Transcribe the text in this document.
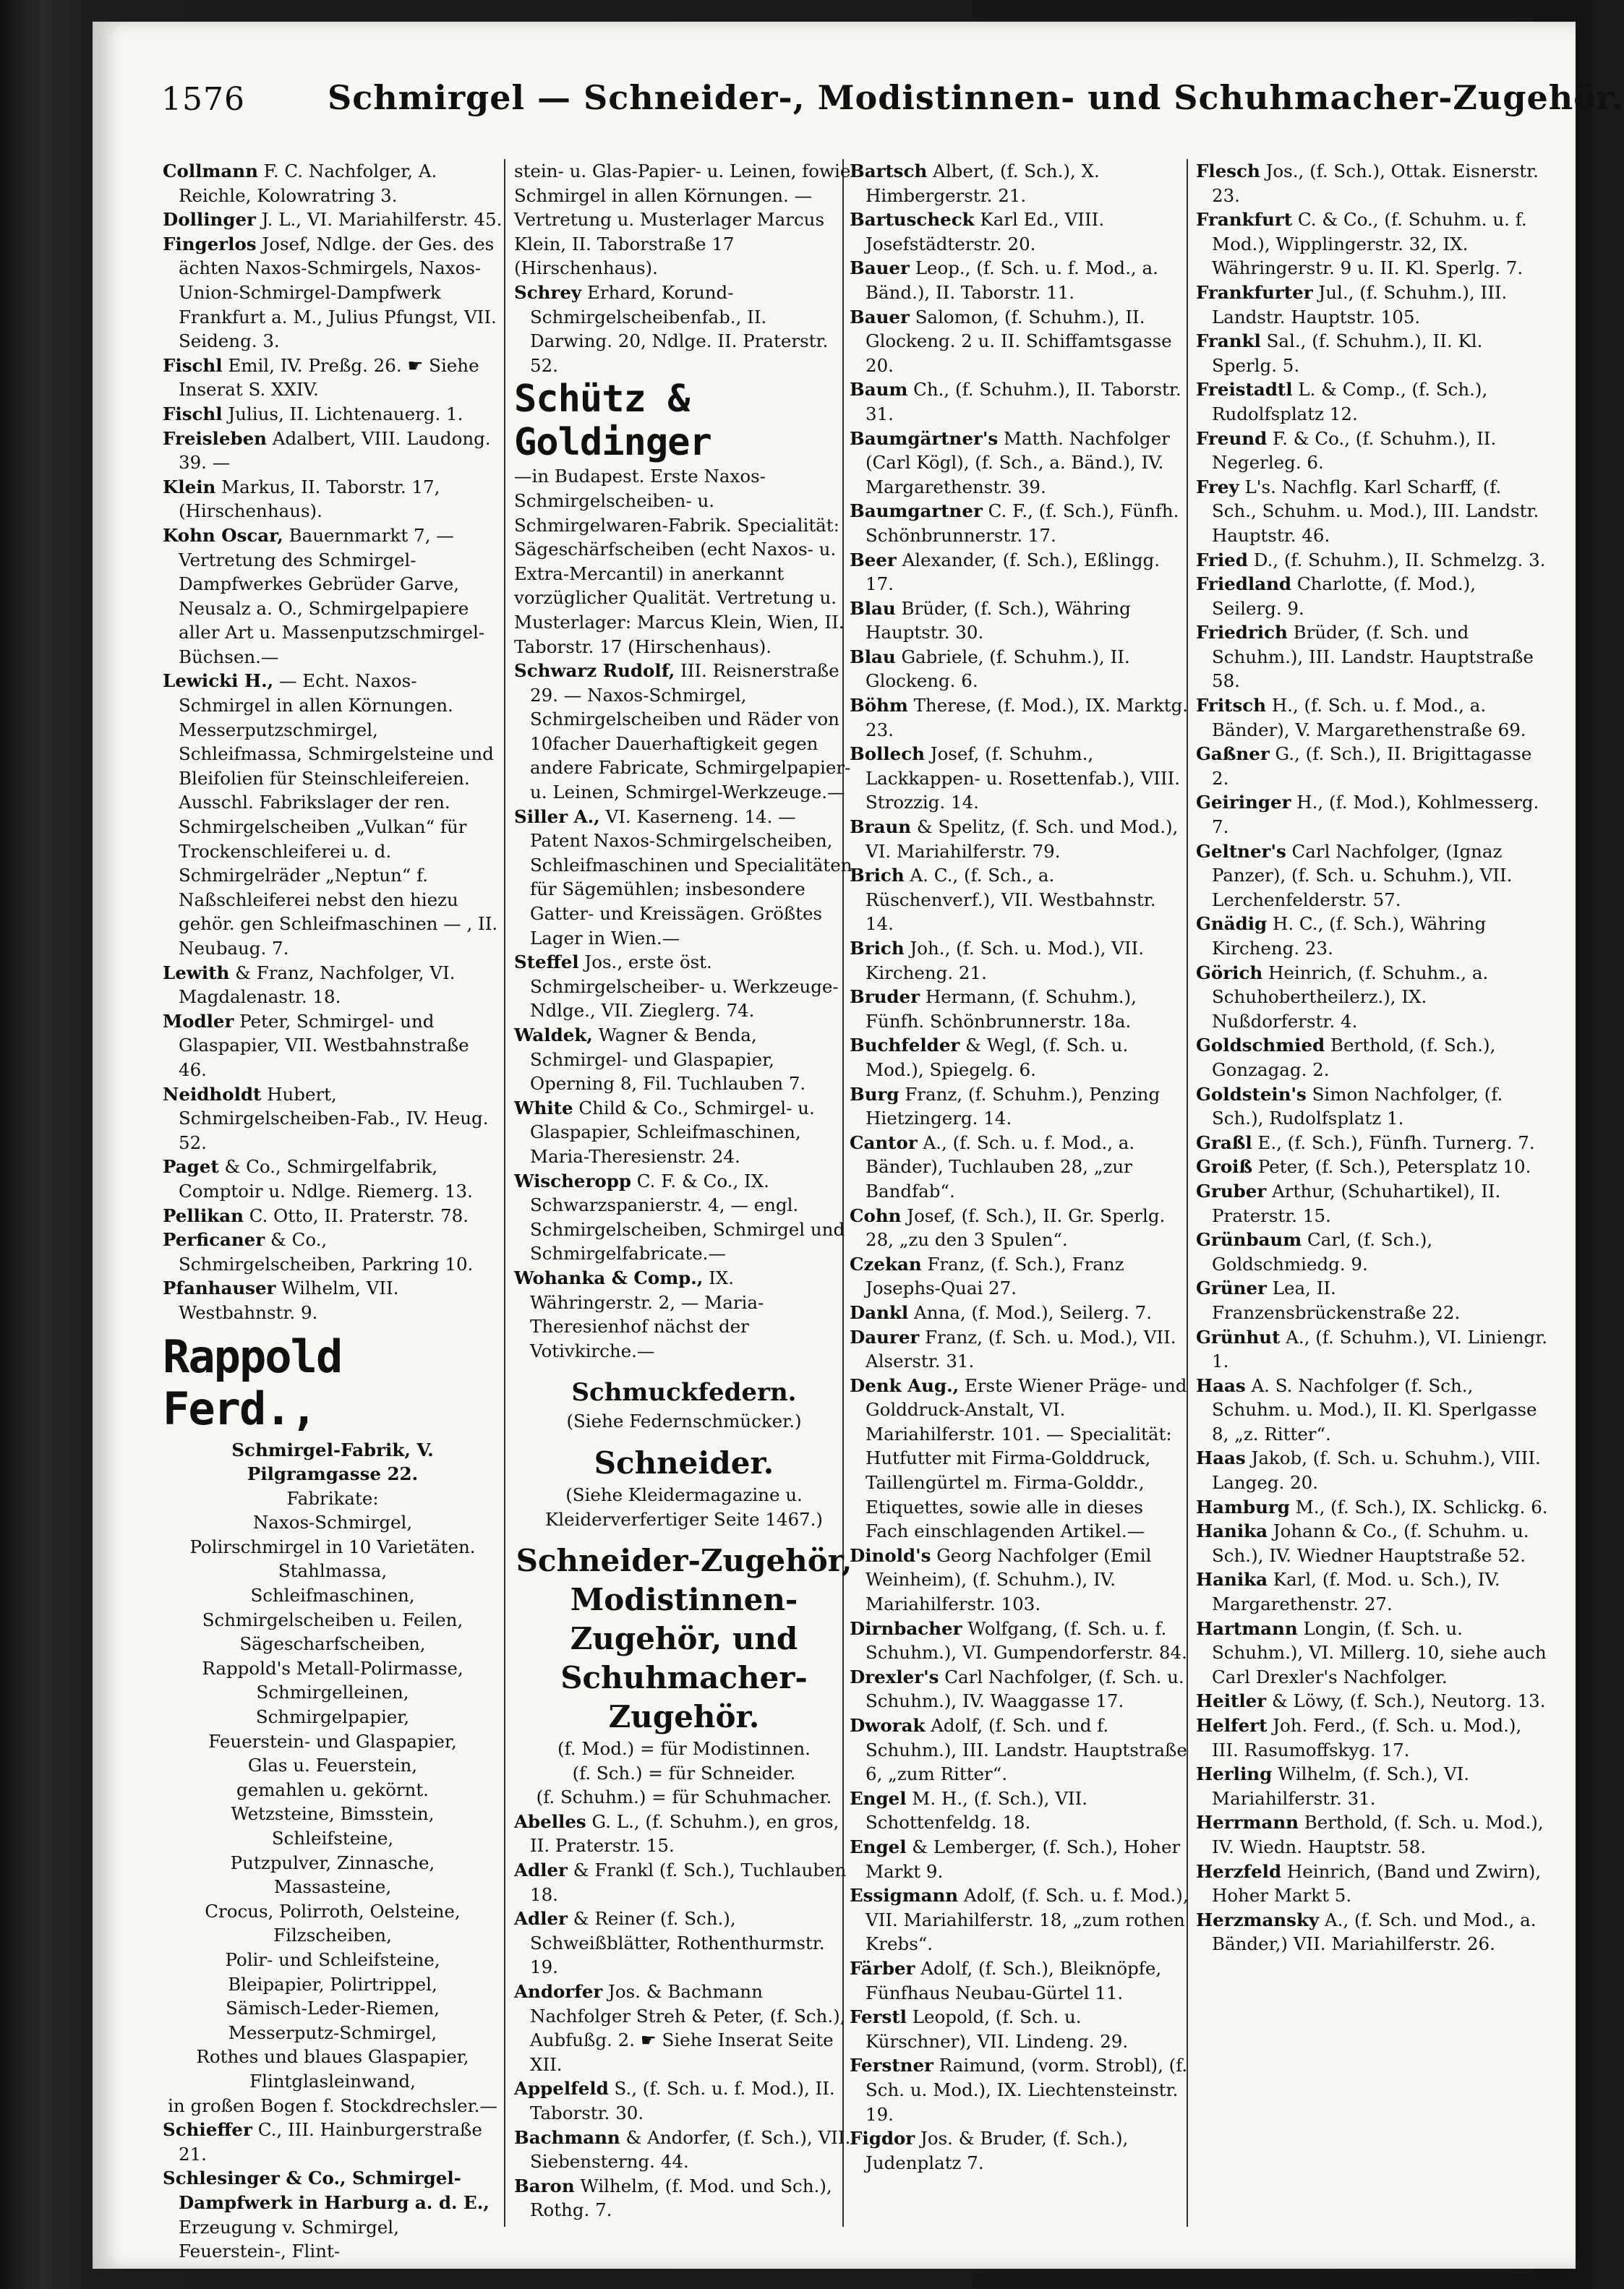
1576 Schmirgel — Schneider-, Modistinnen- und Schuhmacher-Zugehör.
Collmann F. C. Nachfolger, A. Reichle, Kolowratring 3.
Dollinger J. L., VI. Mariahilferstr. 45.
Fingerlos Josef, Ndlge. der Ges. des ächten Naxos-Schmirgels, Naxos-Union-Schmirgel-Dampfwerk Frankfurt a. M., Julius Pfungst, VII. Seideng. 3.
Fischl Emil, IV. Preßg. 26. ☛ Siehe Inserat S. XXIV.
Fischl Julius, II. Lichtenauerg. 1.
Freisleben Adalbert, VIII. Laudong. 39. —
Klein Markus, II. Taborstr. 17, (Hirschenhaus).
Kohn Oscar, Bauernmarkt 7, — Vertretung des Schmirgel-Dampfwerkes Gebrüder Garve, Neusalz a. O., Schmirgelpapiere aller Art u. Massenputzschmirgel-Büchsen.—
Lewicki H., — Echt. Naxos-Schmirgel in allen Körnungen. Messerputzschmirgel, Schleifmassa, Schmirgelsteine und Bleifolien für Steinschleifereien. Ausschl. Fabrikslager der ren. Schmirgelscheiben „Vulkan“ für Trockenschleiferei u. d. Schmirgelräder „Neptun“ f. Naßschleiferei nebst den hiezu gehör. gen Schleifmaschinen — , II. Neubaug. 7.
Lewith & Franz, Nachfolger, VI. Magdalenastr. 18.
Modler Peter, Schmirgel- und Glaspapier, VII. Westbahnstraße 46.
Neidholdt Hubert, Schmirgelscheiben-Fab., IV. Heug. 52.
Paget & Co., Schmirgelfabrik, Comptoir u. Ndlge. Riemerg. 13.
Pellikan C. Otto, II. Praterstr. 78.
Perficaner & Co., Schmirgelscheiben, Parkring 10.
Pfanhauser Wilhelm, VII. Westbahnstr. 9.
Rappold Ferd.,
Schmirgel-Fabrik, V. Pilgramgasse 22.
Fabrikate:
Naxos-Schmirgel,
Polirschmirgel in 10 Varietäten.
Stahlmassa,
Schleifmaschinen,
Schmirgelscheiben u. Feilen,
Sägescharfscheiben,
Rappold's Metall-Polirmasse,
Schmirgelleinen,
Schmirgelpapier,
Feuerstein- und Glaspapier,
Glas u. Feuerstein,
gemahlen u. gekörnt.
Wetzsteine, Bimsstein,
Schleifsteine,
Putzpulver, Zinnasche,
Massasteine,
Crocus, Polirroth, Oelsteine,
Filzscheiben,
Polir- und Schleifsteine,
Bleipapier, Polirtrippel,
Sämisch-Leder-Riemen,
Messerputz-Schmirgel,
Rothes und blaues Glaspapier,
Flintglasleinwand,
in großen Bogen f. Stockdrechsler.—
Schieffer C., III. Hainburgerstraße 21.
Schlesinger & Co., Schmirgel-Dampfwerk in Harburg a. d. E., Erzeugung v. Schmirgel, Feuerstein-, Flint-
stein- u. Glas-Papier- u. Leinen, fowie Schmirgel in allen Körnungen. — Vertretung u. Musterlager Marcus Klein, II. Taborstraße 17 (Hirschenhaus).
Schrey Erhard, Korund-Schmirgelscheibenfab., II. Darwing. 20, Ndlge. II. Praterstr. 52.
Schütz & Goldinger
—in Budapest. Erste Naxos-Schmirgelscheiben- u. Schmirgelwaren-Fabrik. Specialität: Sägeschärfscheiben (echt Naxos- u. Extra-Mercantil) in anerkannt vorzüglicher Qualität. Vertretung u. Musterlager: Marcus Klein, Wien, II. Taborstr. 17 (Hirschenhaus).
Schwarz Rudolf, III. Reisnerstraße 29. — Naxos-Schmirgel, Schmirgelscheiben und Räder von 10facher Dauerhaftigkeit gegen andere Fabricate, Schmirgelpapier- u. Leinen, Schmirgel-Werkzeuge.—
Siller A., VI. Kaserneng. 14. — Patent Naxos-Schmirgelscheiben, Schleifmaschinen und Specialitäten für Sägemühlen; insbesondere Gatter- und Kreissägen. Größtes Lager in Wien.—
Steffel Jos., erste öst. Schmirgelscheiber- u. Werkzeuge-Ndlge., VII. Zieglerg. 74.
Waldek, Wagner & Benda, Schmirgel- und Glaspapier, Operning 8, Fil. Tuchlauben 7.
White Child & Co., Schmirgel- u. Glaspapier, Schleifmaschinen, Maria-Theresienstr. 24.
Wischeropp C. F. & Co., IX. Schwarzspanierstr. 4, — engl. Schmirgelscheiben, Schmirgel und Schmirgelfabricate.—
Wohanka & Comp., IX. Währingerstr. 2, — Maria-Theresienhof nächst der Votivkirche.—
Schmuckfedern.
(Siehe Federnschmücker.)
Schneider.
(Siehe Kleidermagazine u. Kleiderverfertiger Seite 1467.)
Schneider-Zugehör, Modistinnen-Zugehör, und Schuhmacher-Zugehör.
(f. Mod.) = für Modistinnen.
(f. Sch.) = für Schneider.
(f. Schuhm.) = für Schuhmacher.
Abelles G. L., (f. Schuhm.), en gros, II. Praterstr. 15.
Adler & Frankl (f. Sch.), Tuchlauben 18.
Adler & Reiner (f. Sch.), Schweißblätter, Rothenthurmstr. 19.
Andorfer Jos. & Bachmann Nachfolger Streh & Peter, (f. Sch.), Aubfußg. 2. ☛ Siehe Inserat Seite XII.
Appelfeld S., (f. Sch. u. f. Mod.), II. Taborstr. 30.
Bachmann & Andorfer, (f. Sch.), VII. Siebensterng. 44.
Baron Wilhelm, (f. Mod. und Sch.), Rothg. 7.
Bartsch Albert, (f. Sch.), X. Himbergerstr. 21.
Bartuscheck Karl Ed., VIII. Josefstädterstr. 20.
Bauer Leop., (f. Sch. u. f. Mod., a. Bänd.), II. Taborstr. 11.
Bauer Salomon, (f. Schuhm.), II. Glockeng. 2 u. II. Schiffamtsgasse 20.
Baum Ch., (f. Schuhm.), II. Taborstr. 31.
Baumgärtner's Matth. Nachfolger (Carl Kögl), (f. Sch., a. Bänd.), IV. Margarethenstr. 39.
Baumgartner C. F., (f. Sch.), Fünfh. Schönbrunnerstr. 17.
Beer Alexander, (f. Sch.), Eßlingg. 17.
Blau Brüder, (f. Sch.), Währing Hauptstr. 30.
Blau Gabriele, (f. Schuhm.), II. Glockeng. 6.
Böhm Therese, (f. Mod.), IX. Marktg. 23.
Bollech Josef, (f. Schuhm., Lackkappen- u. Rosettenfab.), VIII. Strozzig. 14.
Braun & Spelitz, (f. Sch. und Mod.), VI. Mariahilferstr. 79.
Brich A. C., (f. Sch., a. Rüschenverf.), VII. Westbahnstr. 14.
Brich Joh., (f. Sch. u. Mod.), VII. Kircheng. 21.
Bruder Hermann, (f. Schuhm.), Fünfh. Schönbrunnerstr. 18a.
Buchfelder & Wegl, (f. Sch. u. Mod.), Spiegelg. 6.
Burg Franz, (f. Schuhm.), Penzing Hietzingerg. 14.
Cantor A., (f. Sch. u. f. Mod., a. Bänder), Tuchlauben 28, „zur Bandfab“.
Cohn Josef, (f. Sch.), II. Gr. Sperlg. 28, „zu den 3 Spulen“.
Czekan Franz, (f. Sch.), Franz Josephs-Quai 27.
Dankl Anna, (f. Mod.), Seilerg. 7.
Daurer Franz, (f. Sch. u. Mod.), VII. Alserstr. 31.
Denk Aug., Erste Wiener Präge- und Golddruck-Anstalt, VI. Mariahilferstr. 101. — Specialität: Hutfutter mit Firma-Golddruck, Taillengürtel m. Firma-Golddr., Etiquettes, sowie alle in dieses Fach einschlagenden Artikel.—
Dinold's Georg Nachfolger (Emil Weinheim), (f. Schuhm.), IV. Mariahilferstr. 103.
Dirnbacher Wolfgang, (f. Sch. u. f. Schuhm.), VI. Gumpendorferstr. 84.
Drexler's Carl Nachfolger, (f. Sch. u. Schuhm.), IV. Waaggasse 17.
Dworak Adolf, (f. Sch. und f. Schuhm.), III. Landstr. Hauptstraße 6, „zum Ritter“.
Engel M. H., (f. Sch.), VII. Schottenfeldg. 18.
Engel & Lemberger, (f. Sch.), Hoher Markt 9.
Essigmann Adolf, (f. Sch. u. f. Mod.), VII. Mariahilferstr. 18, „zum rothen Krebs“.
Färber Adolf, (f. Sch.), Bleiknöpfe, Fünfhaus Neubau-Gürtel 11.
Ferstl Leopold, (f. Sch. u. Kürschner), VII. Lindeng. 29.
Ferstner Raimund, (vorm. Strobl), (f. Sch. u. Mod.), IX. Liechtensteinstr. 19.
Figdor Jos. & Bruder, (f. Sch.), Judenplatz 7.
Flesch Jos., (f. Sch.), Ottak. Eisnerstr. 23.
Frankfurt C. & Co., (f. Schuhm. u. f. Mod.), Wipplingerstr. 32, IX. Währingerstr. 9 u. II. Kl. Sperlg. 7.
Frankfurter Jul., (f. Schuhm.), III. Landstr. Hauptstr. 105.
Frankl Sal., (f. Schuhm.), II. Kl. Sperlg. 5.
Freistadtl L. & Comp., (f. Sch.), Rudolfsplatz 12.
Freund F. & Co., (f. Schuhm.), II. Negerleg. 6.
Frey L's. Nachflg. Karl Scharff, (f. Sch., Schuhm. u. Mod.), III. Landstr. Hauptstr. 46.
Fried D., (f. Schuhm.), II. Schmelzg. 3.
Friedland Charlotte, (f. Mod.), Seilerg. 9.
Friedrich Brüder, (f. Sch. und Schuhm.), III. Landstr. Hauptstraße 58.
Fritsch H., (f. Sch. u. f. Mod., a. Bänder), V. Margarethenstraße 69.
Gaßner G., (f. Sch.), II. Brigittagasse 2.
Geiringer H., (f. Mod.), Kohlmesserg. 7.
Geltner's Carl Nachfolger, (Ignaz Panzer), (f. Sch. u. Schuhm.), VII. Lerchenfelderstr. 57.
Gnädig H. C., (f. Sch.), Währing Kircheng. 23.
Görich Heinrich, (f. Schuhm., a. Schuhobertheilerz.), IX. Nußdorferstr. 4.
Goldschmied Berthold, (f. Sch.), Gonzagag. 2.
Goldstein's Simon Nachfolger, (f. Sch.), Rudolfsplatz 1.
Graßl E., (f. Sch.), Fünfh. Turnerg. 7.
Groiß Peter, (f. Sch.), Petersplatz 10.
Gruber Arthur, (Schuhartikel), II. Praterstr. 15.
Grünbaum Carl, (f. Sch.), Goldschmiedg. 9.
Grüner Lea, II. Franzensbrückenstraße 22.
Grünhut A., (f. Schuhm.), VI. Liniengr. 1.
Haas A. S. Nachfolger (f. Sch., Schuhm. u. Mod.), II. Kl. Sperlgasse 8, „z. Ritter“.
Haas Jakob, (f. Sch. u. Schuhm.), VIII. Langeg. 20.
Hamburg M., (f. Sch.), IX. Schlickg. 6.
Hanika Johann & Co., (f. Schuhm. u. Sch.), IV. Wiedner Hauptstraße 52.
Hanika Karl, (f. Mod. u. Sch.), IV. Margarethenstr. 27.
Hartmann Longin, (f. Sch. u. Schuhm.), VI. Millerg. 10, siehe auch Carl Drexler's Nachfolger.
Heitler & Löwy, (f. Sch.), Neutorg. 13.
Helfert Joh. Ferd., (f. Sch. u. Mod.), III. Rasumoffskyg. 17.
Herling Wilhelm, (f. Sch.), VI. Mariahilferstr. 31.
Herrmann Berthold, (f. Sch. u. Mod.), IV. Wiedn. Hauptstr. 58.
Herzfeld Heinrich, (Band und Zwirn), Hoher Markt 5.
Herzmansky A., (f. Sch. und Mod., a. Bänder,) VII. Mariahilferstr. 26.
